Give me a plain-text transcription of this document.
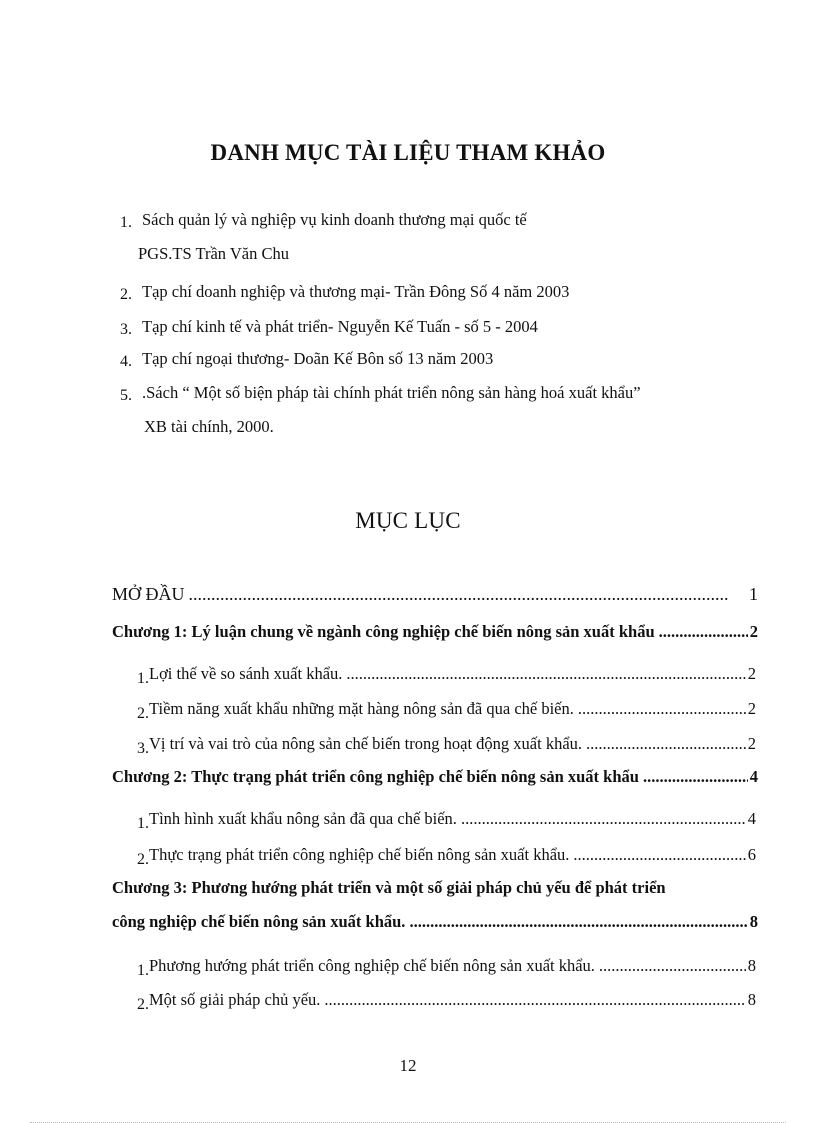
DANH MỤC TÀI LIỆU THAM KHẢO
1. Sách quản lý và nghiệp vụ kinh doanh thương mại quốc tế
PGS.TS Trần Văn Chu
2. Tạp chí doanh nghiệp và thương mại- Trần Đông Số 4 năm 2003
3. Tạp chí kinh tế và phát triển- Nguyễn Kế Tuấn - số 5 - 2004
4. Tạp chí ngoại thương- Doãn Kế Bôn số 13 năm 2003
5. .Sách “ Một số biện pháp tài chính phát triển nông sản hàng hoá xuất khẩu”
XB tài chính, 2000.
MỤC LỤC
MỞ ĐẦU .....	1
Chương 1: Lý luận chung về ngành công nghiệp chế biến nông sản xuất khẩu .....	2
1. Lợi thế về so sánh xuất khẩu. .....	2
2. Tiềm năng xuất khẩu những mặt hàng nông sản đã qua chế biến. .....	2
3. Vị trí và vai trò của nông sản chế biến trong hoạt động xuất khẩu. .....	2
Chương 2: Thực trạng phát triển công nghiệp chế biến nông sản xuất khẩu .....	4
1. Tình hình xuất khẩu nông sản đã qua chế biến. .....	4
2. Thực trạng phát triển công nghiệp chế biến nông sản xuất khẩu. .....	6
Chương 3: Phương hướng phát triển và một số giải pháp chủ yếu để phát triển
công nghiệp chế biến nông sản xuất khẩu. .....	8
1. Phương hướng phát triển công nghiệp chế biến nông sản xuất khẩu. .....	8
2. Một số giải pháp chủ yếu. .....	8
12
